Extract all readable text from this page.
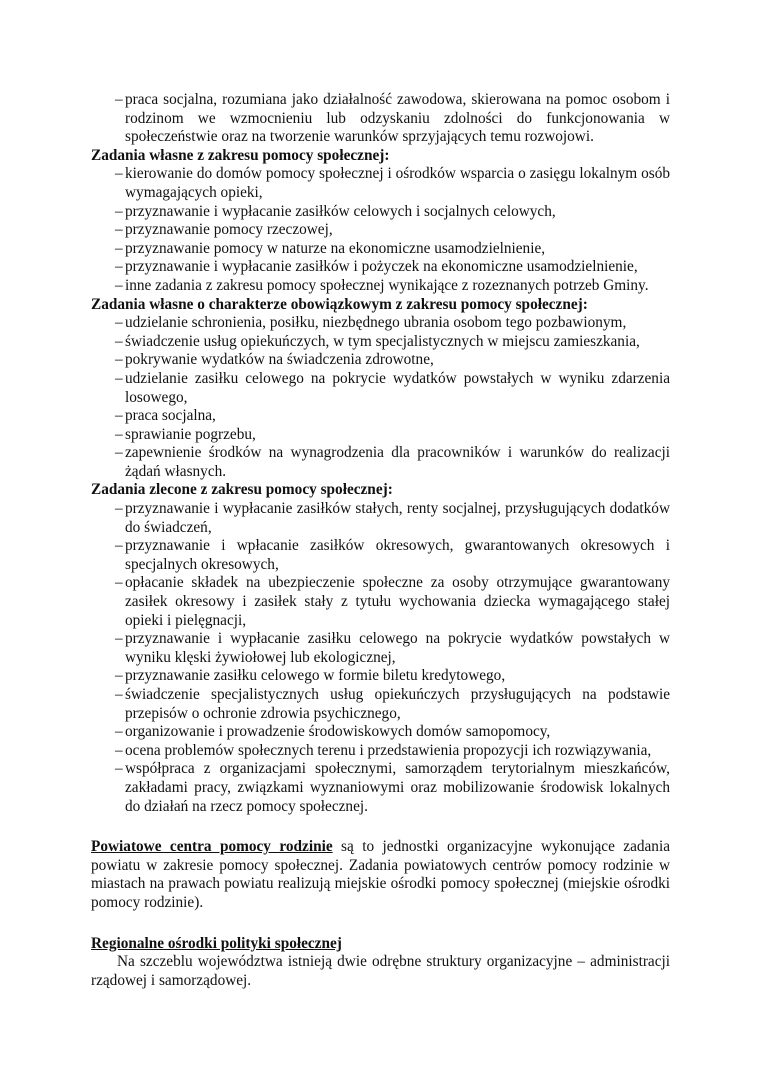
– praca socjalna, rozumiana jako działalność zawodowa, skierowana na pomoc osobom i rodzinom we wzmocnieniu lub odzyskaniu zdolności do funkcjonowania w społeczeństwie oraz na tworzenie warunków sprzyjających temu rozwojowi.

Zadania własne z zakresu pomocy społecznej:

– kierowanie do domów pomocy społecznej i ośrodków wsparcia o zasięgu lokalnym osób wymagających opieki,
– przyznawanie i wypłacanie zasiłków celowych i socjalnych celowych,
– przyznawanie pomocy rzeczowej,
– przyznawanie pomocy w naturze na ekonomiczne usamodzielnienie,
– przyznawanie i wypłacanie zasiłków i pożyczek na ekonomiczne usamodzielnienie,
– inne zadania z zakresu pomocy społecznej wynikające z rozeznanych potrzeb Gminy.

Zadania własne o charakterze obowiązkowym z zakresu pomocy społecznej:

– udzielanie schronienia, posiłku, niezbędnego ubrania osobom tego pozbawionym,
– świadczenie usług opiekuńczych, w tym specjalistycznych w miejscu zamieszkania,
– pokrywanie wydatków na świadczenia zdrowotne,
– udzielanie zasiłku celowego na pokrycie wydatków powstałych w wyniku zdarzenia losowego,
– praca socjalna,
– sprawianie pogrzebu,
– zapewnienie środków na wynagrodzenia dla pracowników i warunków do realizacji żądań własnych.

Zadania zlecone z zakresu pomocy społecznej:

– przyznawanie i wypłacanie zasiłków stałych, renty socjalnej, przysługujących dodatków do świadczeń,
– przyznawanie i wpłacanie zasiłków okresowych, gwarantowanych okresowych i specjalnych okresowych,
– opłacanie składek na ubezpieczenie społeczne za osoby otrzymujące gwarantowany zasiłek okresowy i zasiłek stały z tytułu wychowania dziecka wymagającego stałej opieki i pielęgnacji,
– przyznawanie i wypłacanie zasiłku celowego na pokrycie wydatków powstałych w wyniku klęski żywiołowej lub ekologicznej,
– przyznawanie zasiłku celowego w formie biletu kredytowego,
– świadczenie specjalistycznych usług opiekuńczych przysługujących na podstawie przepisów o ochronie zdrowia psychicznego,
– organizowanie i prowadzenie środowiskowych domów samopomocy,
– ocena problemów społecznych terenu i przedstawienia propozycji ich rozwiązywania,
– współpraca z organizacjami społecznymi, samorządem terytorialnym mieszkańców, zakładami pracy, związkami wyznaniowymi oraz mobilizowanie środowisk lokalnych do działań na rzecz pomocy społecznej.

Powiatowe centra pomocy rodzinie są to jednostki organizacyjne wykonujące zadania powiatu w zakresie pomocy społecznej. Zadania powiatowych centrów pomocy rodzinie w miastach na prawach powiatu realizują miejskie ośrodki pomocy społecznej (miejskie ośrodki pomocy rodzinie).

Regionalne ośrodki polityki społecznej

Na szczeblu województwa istnieją dwie odrębne struktury organizacyjne – administracji rządowej i samorządowej.
